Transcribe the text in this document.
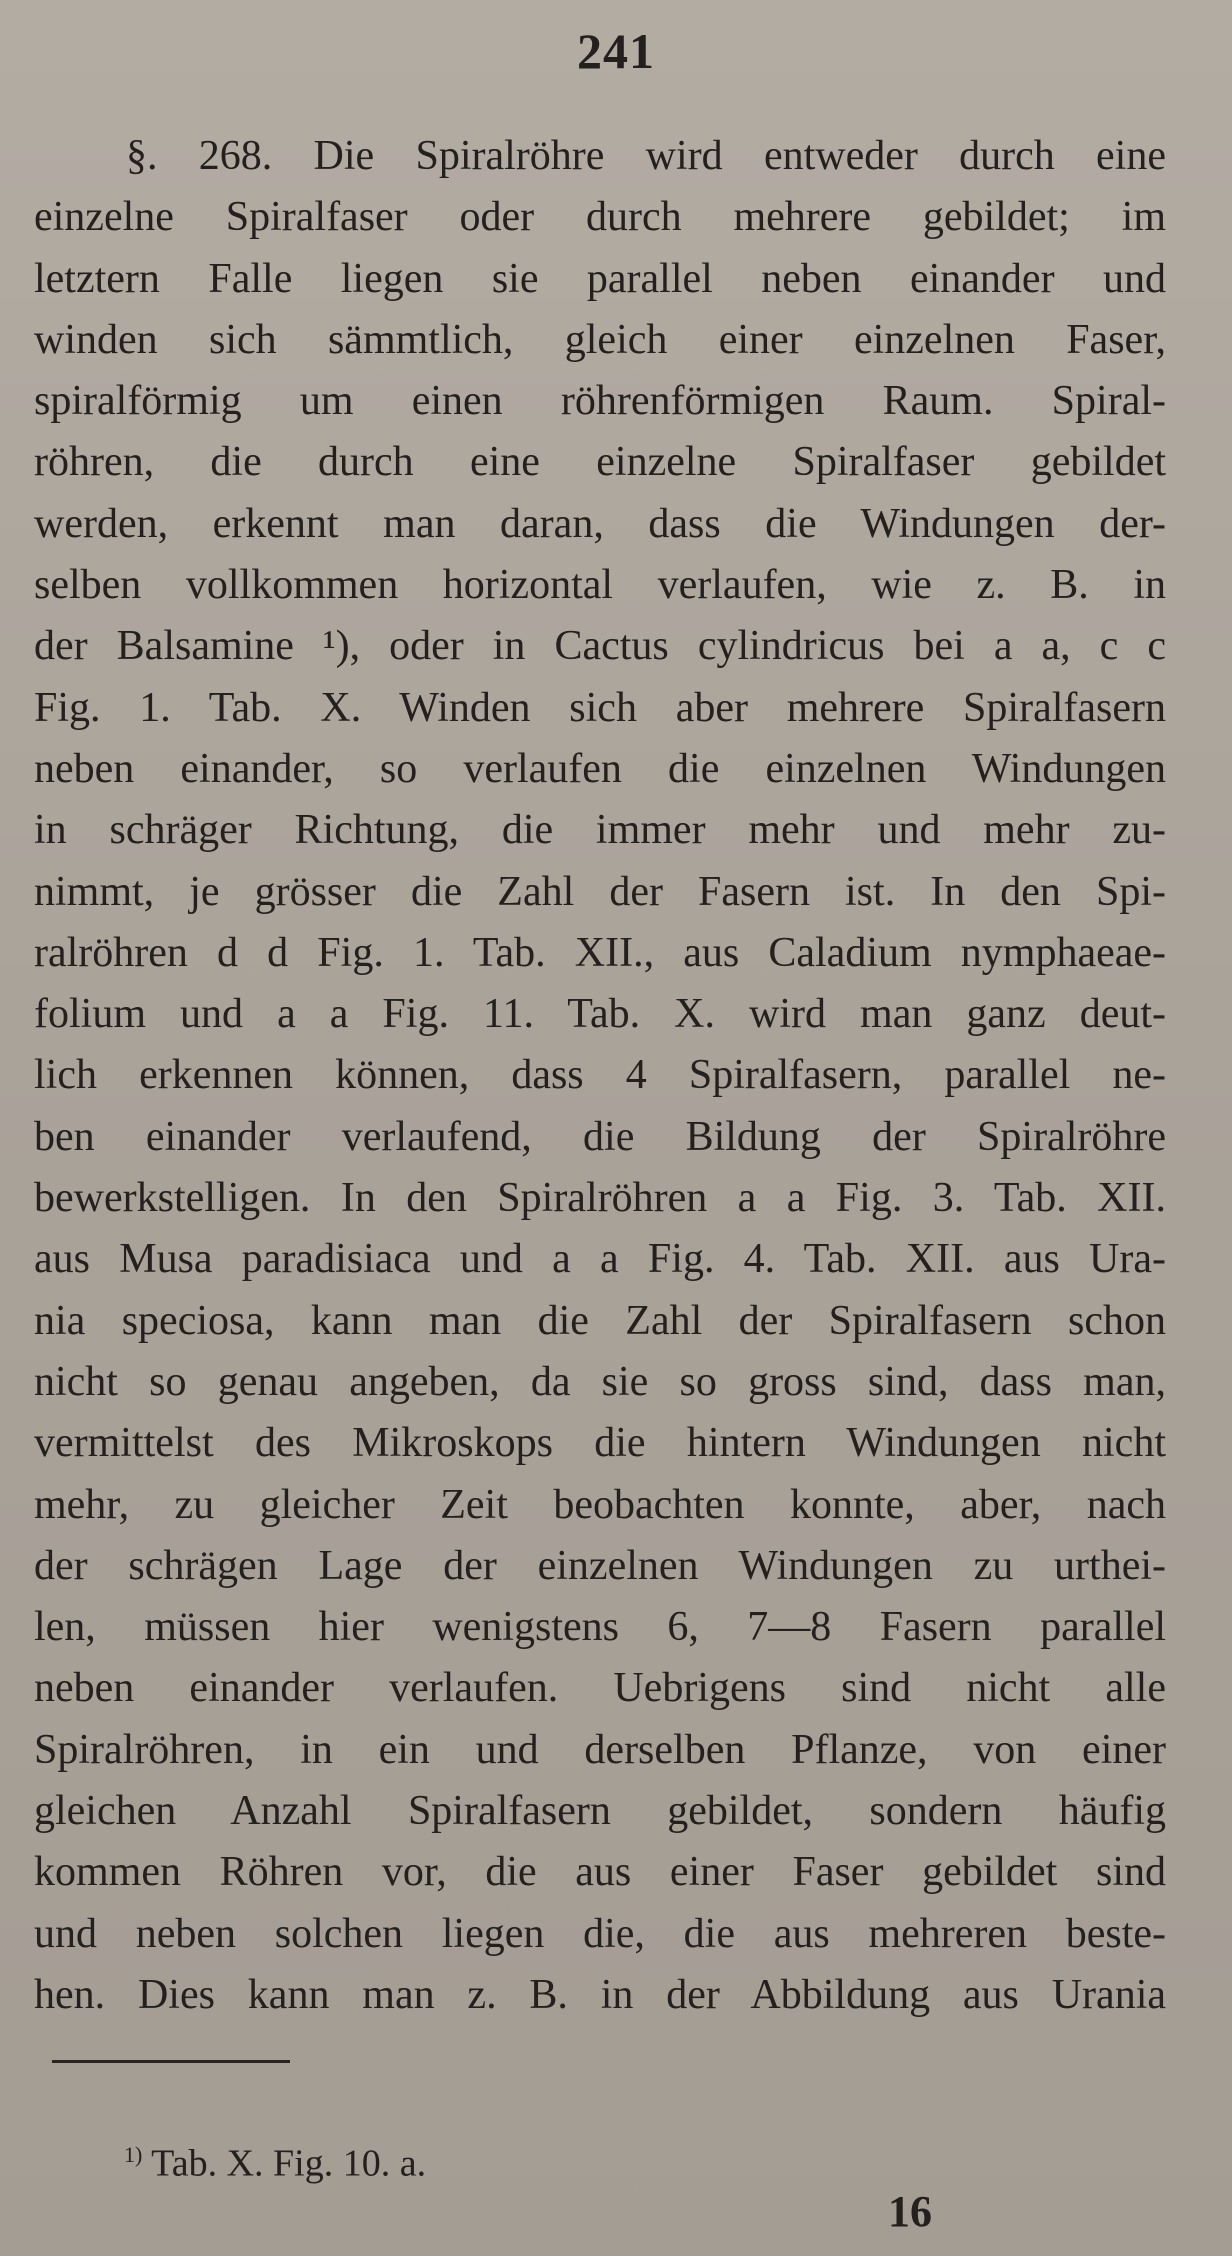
241
§. 268. Die Spiralröhre wird entweder durch eine
einzelne Spiralfaser oder durch mehrere gebildet; im
letztern Falle liegen sie parallel neben einander und
winden sich sämmtlich, gleich einer einzelnen Faser,
spiralförmig um einen röhrenförmigen Raum. Spiral-
röhren, die durch eine einzelne Spiralfaser gebildet
werden, erkennt man daran, dass die Windungen der-
selben vollkommen horizontal verlaufen, wie z. B. in
der Balsamine ¹), oder in Cactus cylindricus bei a a, c c
Fig. 1. Tab. X. Winden sich aber mehrere Spiralfasern
neben einander, so verlaufen die einzelnen Windungen
in schräger Richtung, die immer mehr und mehr zu-
nimmt, je grösser die Zahl der Fasern ist. In den Spi-
ralröhren d d Fig. 1. Tab. XII., aus Caladium nymphaeae-
folium und a a Fig. 11. Tab. X. wird man ganz deut-
lich erkennen können, dass 4 Spiralfasern, parallel ne-
ben einander verlaufend, die Bildung der Spiralröhre
bewerkstelligen. In den Spiralröhren a a Fig. 3. Tab. XII.
aus Musa paradisiaca und a a Fig. 4. Tab. XII. aus Ura-
nia speciosa, kann man die Zahl der Spiralfasern schon
nicht so genau angeben, da sie so gross sind, dass man,
vermittelst des Mikroskops die hintern Windungen nicht
mehr, zu gleicher Zeit beobachten konnte, aber, nach
der schrägen Lage der einzelnen Windungen zu urthei-
len, müssen hier wenigstens 6, 7—8 Fasern parallel
neben einander verlaufen. Uebrigens sind nicht alle
Spiralröhren, in ein und derselben Pflanze, von einer
gleichen Anzahl Spiralfasern gebildet, sondern häufig
kommen Röhren vor, die aus einer Faser gebildet sind
und neben solchen liegen die, die aus mehreren beste-
hen. Dies kann man z. B. in der Abbildung aus Urania
$^{1)}$ Tab. X. Fig. 10. a.
16
